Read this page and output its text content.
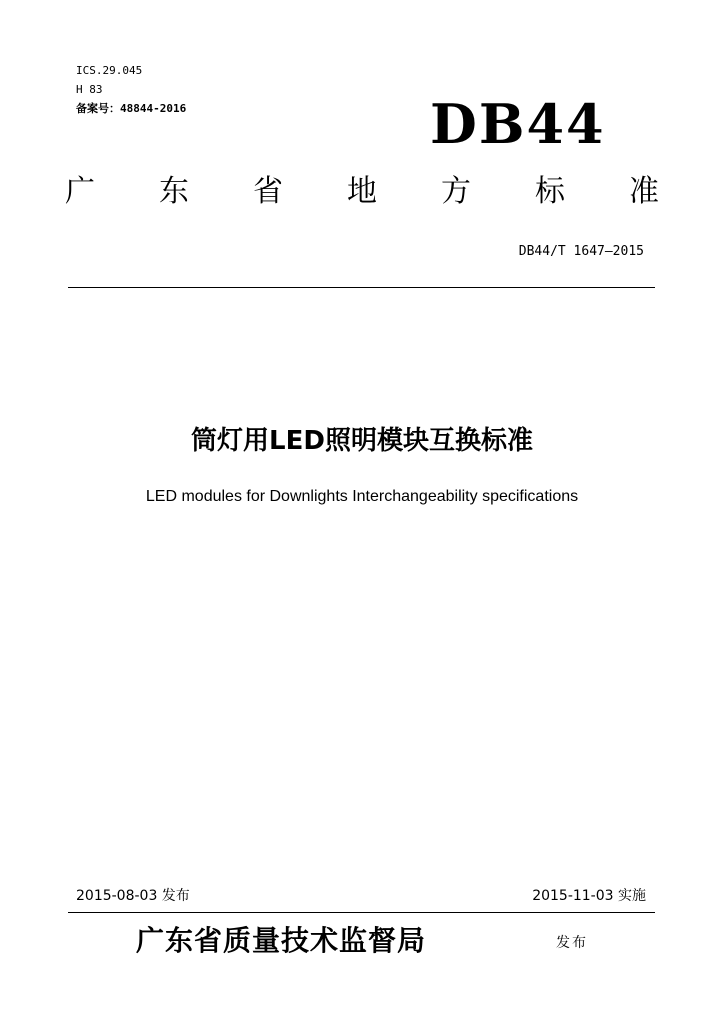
ICS.29.045
H 83
备案号：48844-2016	DB44
广 东 省 地 方 标 准
DB44/T 1647—2015
筒灯用LED照明模块互换标准
LED modules for Downlights Interchangeability specifications
2015-08-03 发布	2015-11-03 实施
广东省质量技术监督局	发布
